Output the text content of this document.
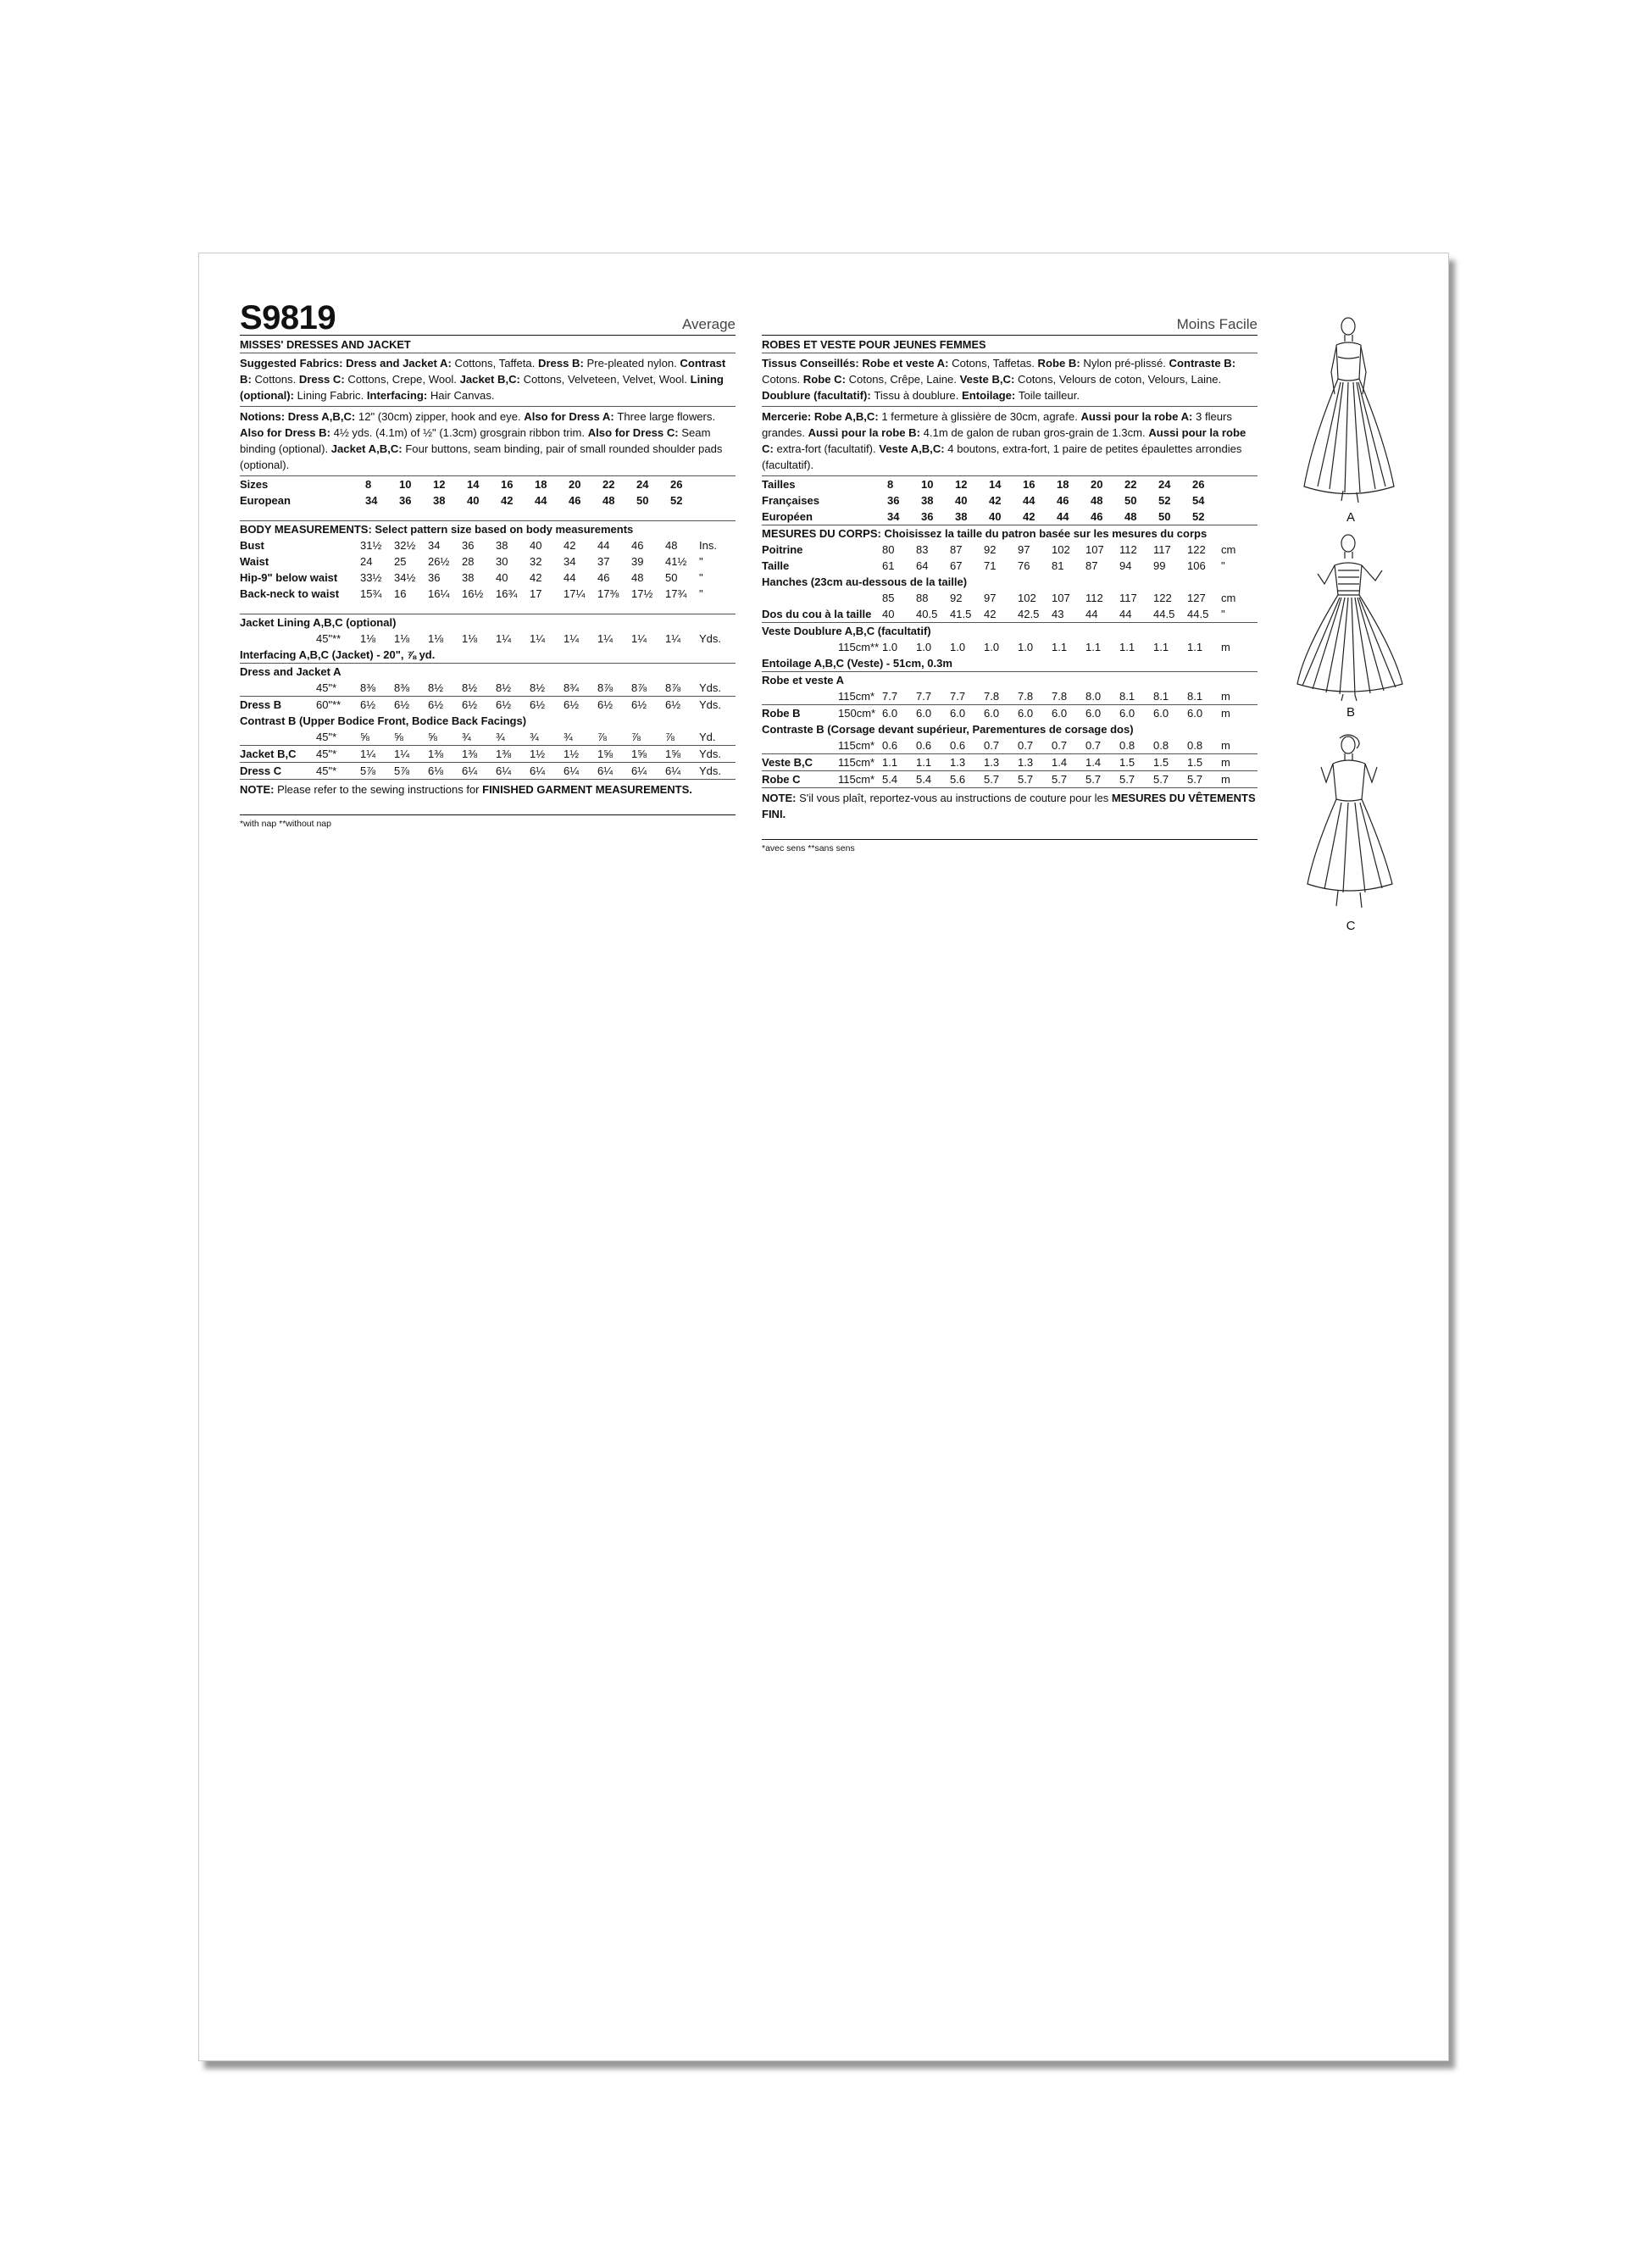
S9819	Average
MISSES' DRESSES AND JACKET
Suggested Fabrics: Dress and Jacket A: Cottons, Taffeta. Dress B: Pre-pleated nylon. Contrast B: Cottons. Dress C: Cottons, Crepe, Wool. Jacket B,C: Cottons, Velveteen, Velvet, Wool. Lining (optional): Lining Fabric. Interfacing: Hair Canvas.
Notions: Dress A,B,C: 12" (30cm) zipper, hook and eye. Also for Dress A: Three large flowers. Also for Dress B: 4½ yds. (4.1m) of ½" (1.3cm) grosgrain ribbon trim. Also for Dress C: Seam binding (optional). Jacket A,B,C: Four buttons, seam binding, pair of small rounded shoulder pads (optional).
Sizes	8	10	12	14	16	18	20	22	24	26	
European	34	36	38	40	42	44	46	48	50	52	
BODY MEASUREMENTS: Select pattern size based on body measurements
Bust	31½	32½	34	36	38	40	42	44	46	48	Ins.
Waist	24	25	26½	28	30	32	34	37	39	41½	"
Hip-9" below waist	33½	34½	36	38	40	42	44	46	48	50	"
Back-neck to waist	15¾	16	16¼	16½	16¾	17	17¼	17⅜	17½	17¾	"
Jacket Lining A,B,C (optional)
	45"**	1⅛	1⅛	1⅛	1⅛	1¼	1¼	1¼	1¼	1¼	1¼	Yds.
Interfacing A,B,C (Jacket) - 20", ⅞ yd.
Dress and Jacket A
	45"*	8⅜	8⅜	8½	8½	8½	8½	8¾	8⅞	8⅞	8⅞	Yds.
Dress B	60"**	6½	6½	6½	6½	6½	6½	6½	6½	6½	6½	Yds.
Contrast B (Upper Bodice Front, Bodice Back Facings)
	45"*	⅝	⅝	⅝	¾	¾	¾	¾	⅞	⅞	⅞	Yd.
Jacket B,C	45"*	1¼	1¼	1⅜	1⅜	1⅜	1½	1½	1⅝	1⅝	1⅝	Yds.
Dress C	45"*	5⅞	5⅞	6⅛	6¼	6¼	6¼	6¼	6¼	6¼	6¼	Yds.
NOTE: Please refer to the sewing instructions for FINISHED GARMENT MEASUREMENTS.
*with nap **without nap
Moins Facile
ROBES ET VESTE POUR JEUNES FEMMES
Tissus Conseillés: Robe et veste A: Cotons, Taffetas. Robe B: Nylon pré-plissé. Contraste B: Cotons. Robe C: Cotons, Crêpe, Laine. Veste B,C: Cotons, Velours de coton, Velours, Laine. Doublure (facultatif): Tissu à doublure. Entoilage: Toile tailleur.
Mercerie: Robe A,B,C: 1 fermeture à glissière de 30cm, agrafe. Aussi pour la robe A: 3 fleurs grandes. Aussi pour la robe B: 4.1m de galon de ruban gros-grain de 1.3cm. Aussi pour la robe C: extra-fort (facultatif). Veste A,B,C: 4 boutons, extra-fort, 1 paire de petites épaulettes arrondies (facultatif).
Tailles	8	10	12	14	16	18	20	22	24	26	
Françaises	36	38	40	42	44	46	48	50	52	54	
Européen	34	36	38	40	42	44	46	48	50	52	
MESURES DU CORPS: Choisissez la taille du patron basée sur les mesures du corps
Poitrine	80	83	87	92	97	102	107	112	117	122	cm
Taille	61	64	67	71	76	81	87	94	99	106	"
Hanches (23cm au-dessous de la taille)
	85	88	92	97	102	107	112	117	122	127	cm
Dos du cou à la taille	40	40.5	41.5	42	42.5	43	44	44	44.5	44.5	"
Veste Doublure A,B,C (facultatif)
	115cm**	1.0	1.0	1.0	1.0	1.0	1.1	1.1	1.1	1.1	1.1	m
Entoilage A,B,C (Veste) - 51cm, 0.3m
Robe et veste A
	115cm*	7.7	7.7	7.7	7.8	7.8	7.8	8.0	8.1	8.1	8.1	m
Robe B	150cm*	6.0	6.0	6.0	6.0	6.0	6.0	6.0	6.0	6.0	6.0	m
Contraste B (Corsage devant supérieur, Parementures de corsage dos)
	115cm*	0.6	0.6	0.6	0.7	0.7	0.7	0.7	0.8	0.8	0.8	m
Veste B,C	115cm*	1.1	1.1	1.3	1.3	1.3	1.4	1.4	1.5	1.5	1.5	m
Robe C	115cm*	5.4	5.4	5.6	5.7	5.7	5.7	5.7	5.7	5.7	5.7	m
NOTE: S'il vous plaît, reportez-vous au instructions de couture pour les MESURES DU VÊTEMENTS FINI.
*avec sens **sans sens
A
B
C
